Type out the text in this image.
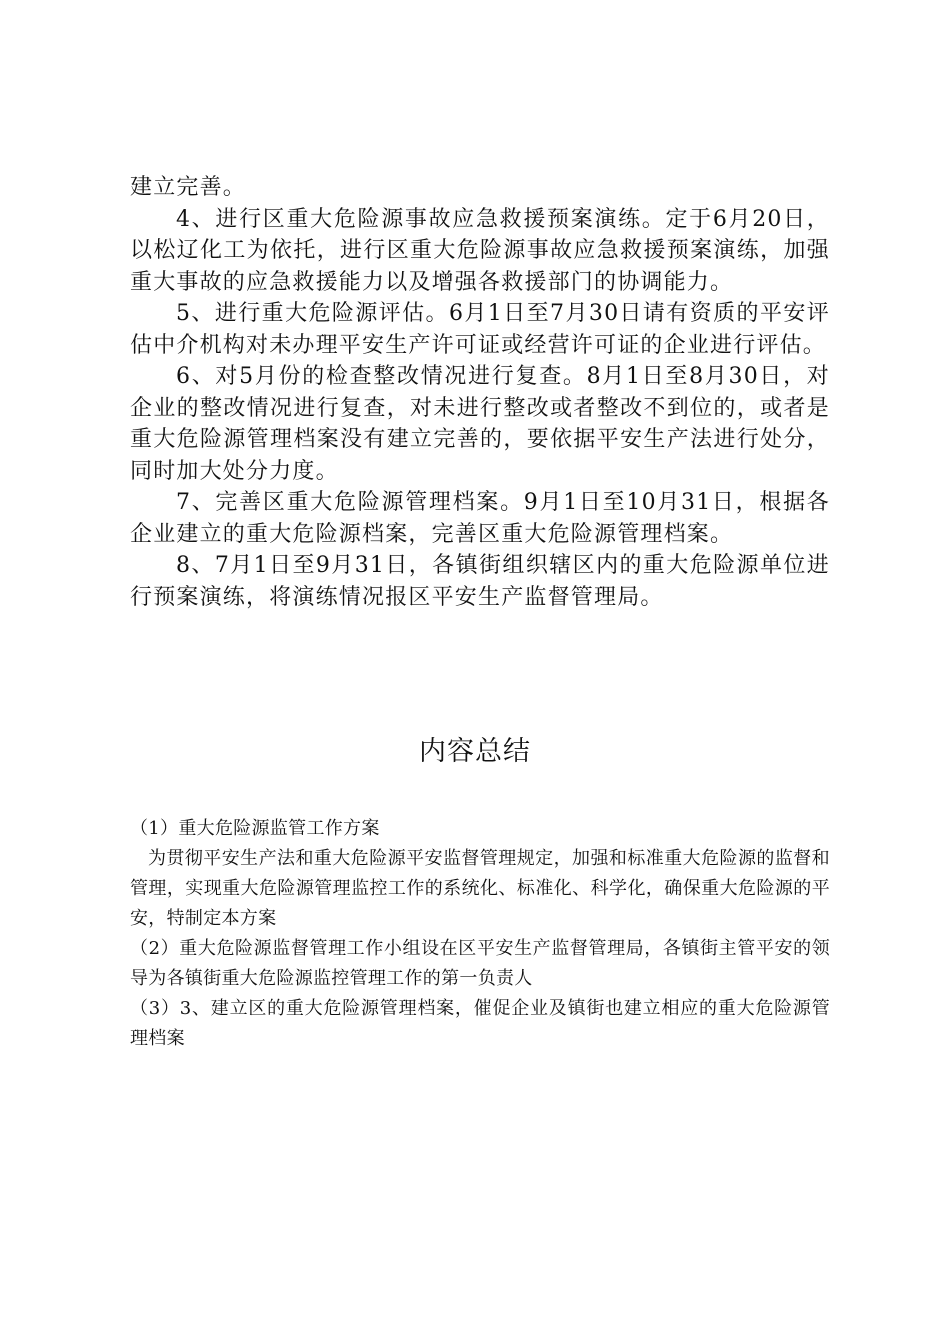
建立完善。

4、进行区重大危险源事故应急救援预案演练。定于6月20日，以松辽化工为依托，进行区重大危险源事故应急救援预案演练，加强重大事故的应急救援能力以及增强各救援部门的协调能力。

5、进行重大危险源评估。6月1日至7月30日请有资质的平安评估中介机构对未办理平安生产许可证或经营许可证的企业进行评估。

6、对5月份的检查整改情况进行复查。8月1日至8月30日，对企业的整改情况进行复查，对未进行整改或者整改不到位的，或者是重大危险源管理档案没有建立完善的，要依据平安生产法进行处分，同时加大处分力度。

7、完善区重大危险源管理档案。9月1日至10月31日，根据各企业建立的重大危险源档案，完善区重大危险源管理档案。

8、7月1日至9月31日，各镇街组织辖区内的重大危险源单位进行预案演练，将演练情况报区平安生产监督管理局。

内容总结

（1）重大危险源监管工作方案

为贯彻平安生产法和重大危险源平安监督管理规定，加强和标准重大危险源的监督和管理，实现重大危险源管理监控工作的系统化、标准化、科学化，确保重大危险源的平安，特制定本方案

（2）重大危险源监督管理工作小组设在区平安生产监督管理局，各镇街主管平安的领导为各镇街重大危险源监控管理工作的第一负责人

（3）3、建立区的重大危险源管理档案，催促企业及镇街也建立相应的重大危险源管理档案
